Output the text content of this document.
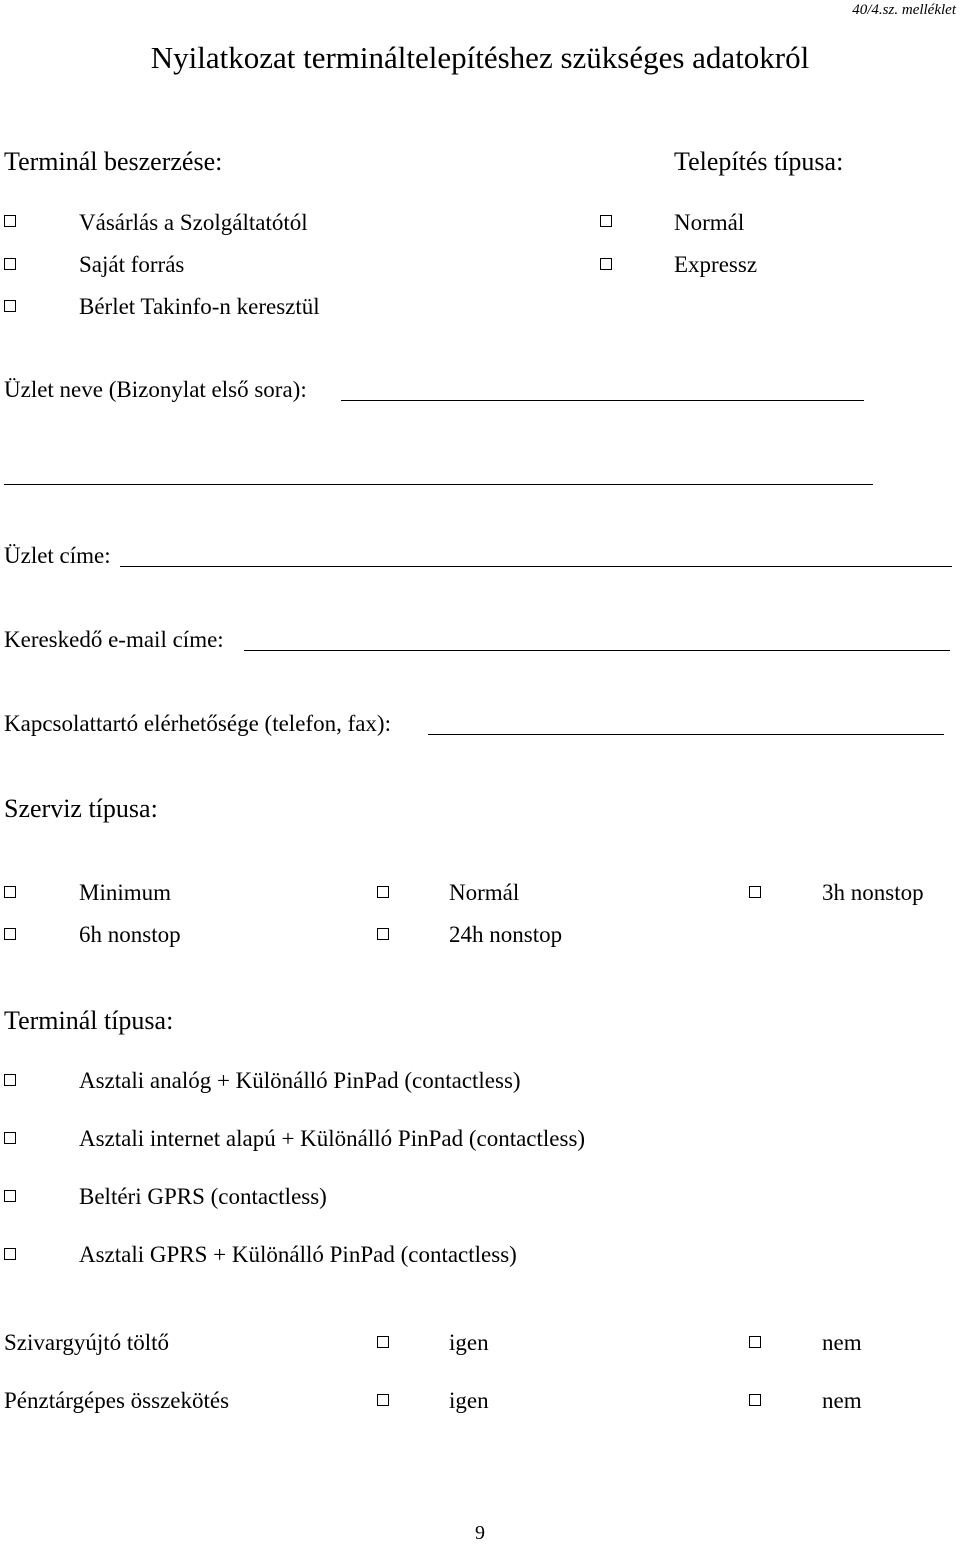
40/4.sz. melléklet
Nyilatkozat termináltelepítéshez szükséges adatokról
Terminál beszerzése:
Vásárlás a Szolgáltatótól
Saját forrás
Bérlet Takinfo-n keresztül
Telepítés típusa:
Normál
Expressz
Üzlet neve (Bizonylat első sora):
Üzlet címe:
Kereskedő e-mail címe:
Kapcsolattartó elérhetősége (telefon, fax):
Szerviz típusa:
Minimum	Normál	3h nonstop
6h nonstop	24h nonstop
Terminál típusa:
Asztali analóg + Különálló PinPad (contactless)
Asztali internet alapú + Különálló PinPad (contactless)
Beltéri GPRS (contactless)
Asztali GPRS + Különálló PinPad (contactless)
Szivargyújtó töltő	igen	nem
Pénztárgépes összekötés	igen	nem
9
